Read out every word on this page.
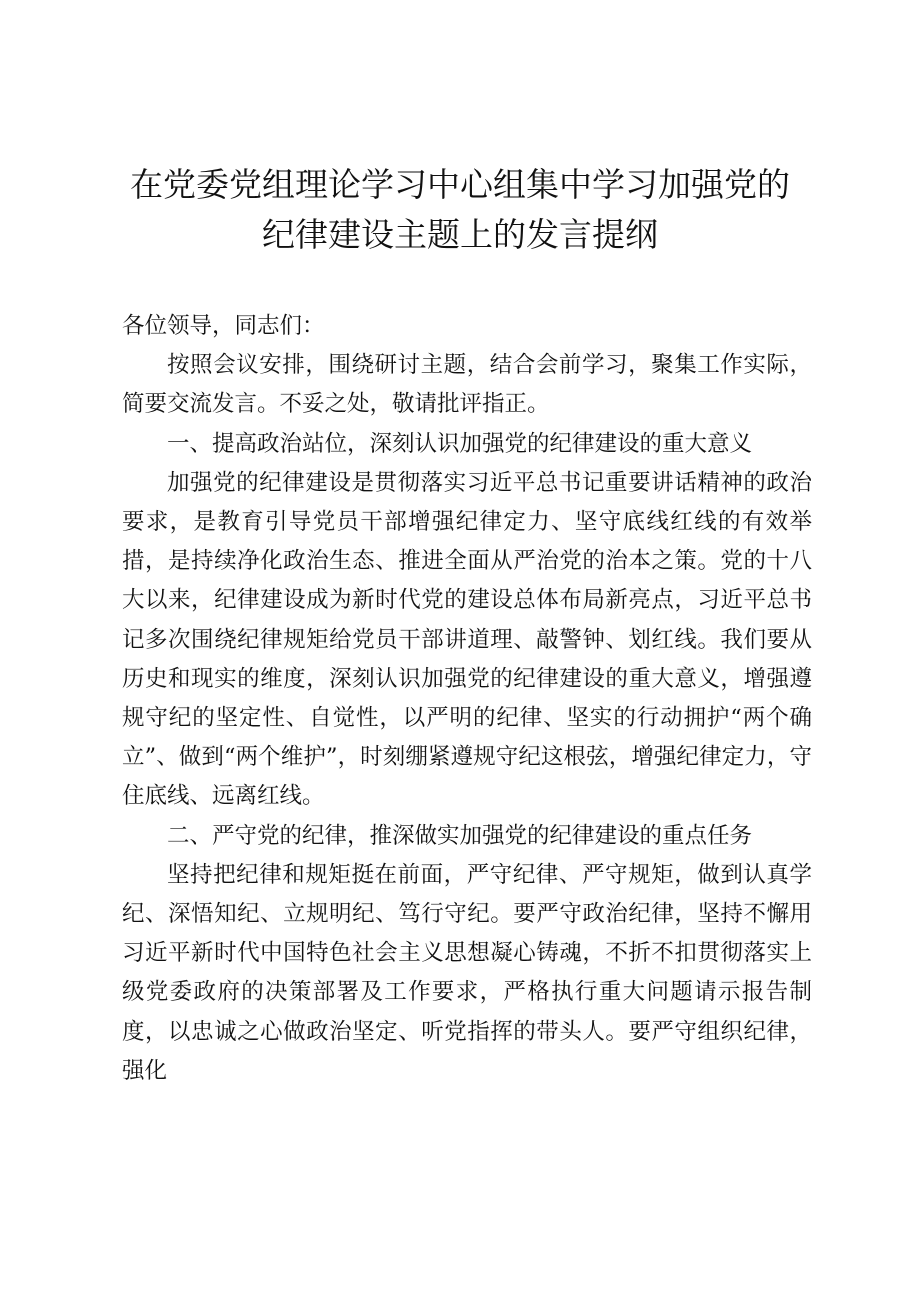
在党委党组理论学习中心组集中学习加强党的
纪律建设主题上的发言提纲

各位领导，同志们：

按照会议安排，围绕研讨主题，结合会前学习，聚集工作实际，简要交流发言。不妥之处，敬请批评指正。

一、提高政治站位，深刻认识加强党的纪律建设的重大意义

加强党的纪律建设是贯彻落实习近平总书记重要讲话精神的政治要求，是教育引导党员干部增强纪律定力、坚守底线红线的有效举措，是持续净化政治生态、推进全面从严治党的治本之策。党的十八大以来，纪律建设成为新时代党的建设总体布局新亮点，习近平总书记多次围绕纪律规矩给党员干部讲道理、敲警钟、划红线。我们要从历史和现实的维度，深刻认识加强党的纪律建设的重大意义，增强遵规守纪的坚定性、自觉性，以严明的纪律、坚实的行动拥护“两个确立”、做到“两个维护”，时刻绷紧遵规守纪这根弦，增强纪律定力，守住底线、远离红线。

二、严守党的纪律，推深做实加强党的纪律建设的重点任务

坚持把纪律和规矩挺在前面，严守纪律、严守规矩，做到认真学纪、深悟知纪、立规明纪、笃行守纪。要严守政治纪律，坚持不懈用习近平新时代中国特色社会主义思想凝心铸魂，不折不扣贯彻落实上级党委政府的决策部署及工作要求，严格执行重大问题请示报告制度，以忠诚之心做政治坚定、听党指挥的带头人。要严守组织纪律，强化
